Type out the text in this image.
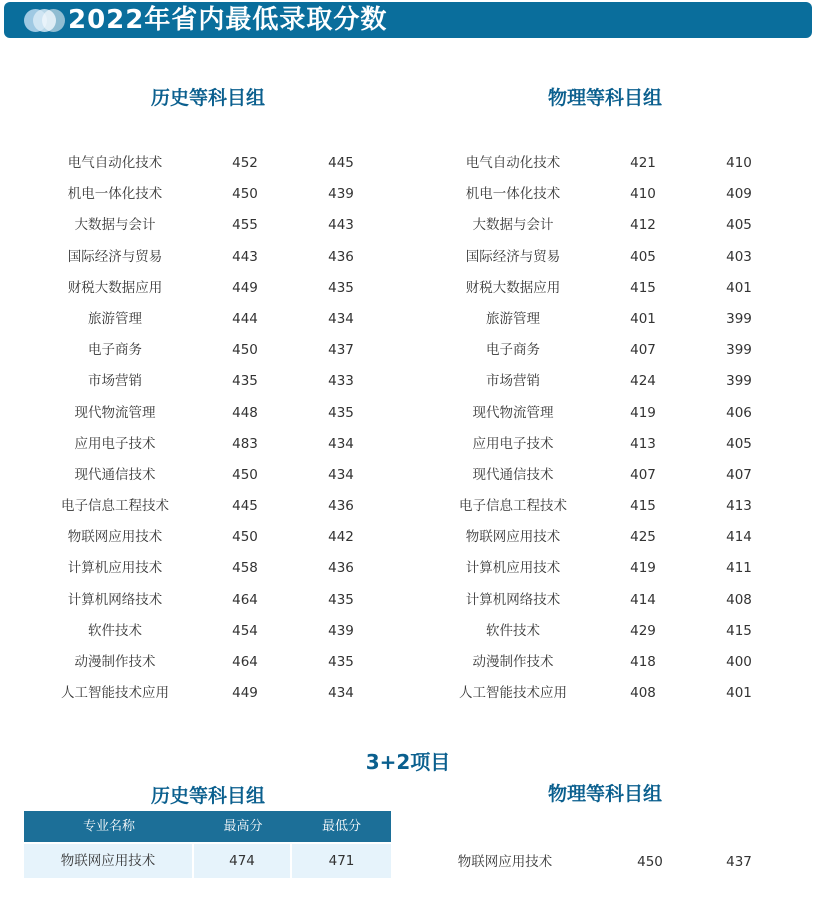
2022年省内最低录取分数
历史等科目组	物理等科目组
电气自动化技术	452	445
机电一体化技术	450	439
大数据与会计	455	443
国际经济与贸易	443	436
财税大数据应用	449	435
旅游管理	444	434
电子商务	450	437
市场营销	435	433
现代物流管理	448	435
应用电子技术	483	434
现代通信技术	450	434
电子信息工程技术	445	436
物联网应用技术	450	442
计算机应用技术	458	436
计算机网络技术	464	435
软件技术	454	439
动漫制作技术	464	435
人工智能技术应用	449	434
电气自动化技术	421	410
机电一体化技术	410	409
大数据与会计	412	405
国际经济与贸易	405	403
财税大数据应用	415	401
旅游管理	401	399
电子商务	407	399
市场营销	424	399
现代物流管理	419	406
应用电子技术	413	405
现代通信技术	407	407
电子信息工程技术	415	413
物联网应用技术	425	414
计算机应用技术	419	411
计算机网络技术	414	408
软件技术	429	415
动漫制作技术	418	400
人工智能技术应用	408	401
3+2项目
历史等科目组	物理等科目组
专业名称	最高分	最低分
物联网应用技术	474	471	物联网应用技术	450	437
